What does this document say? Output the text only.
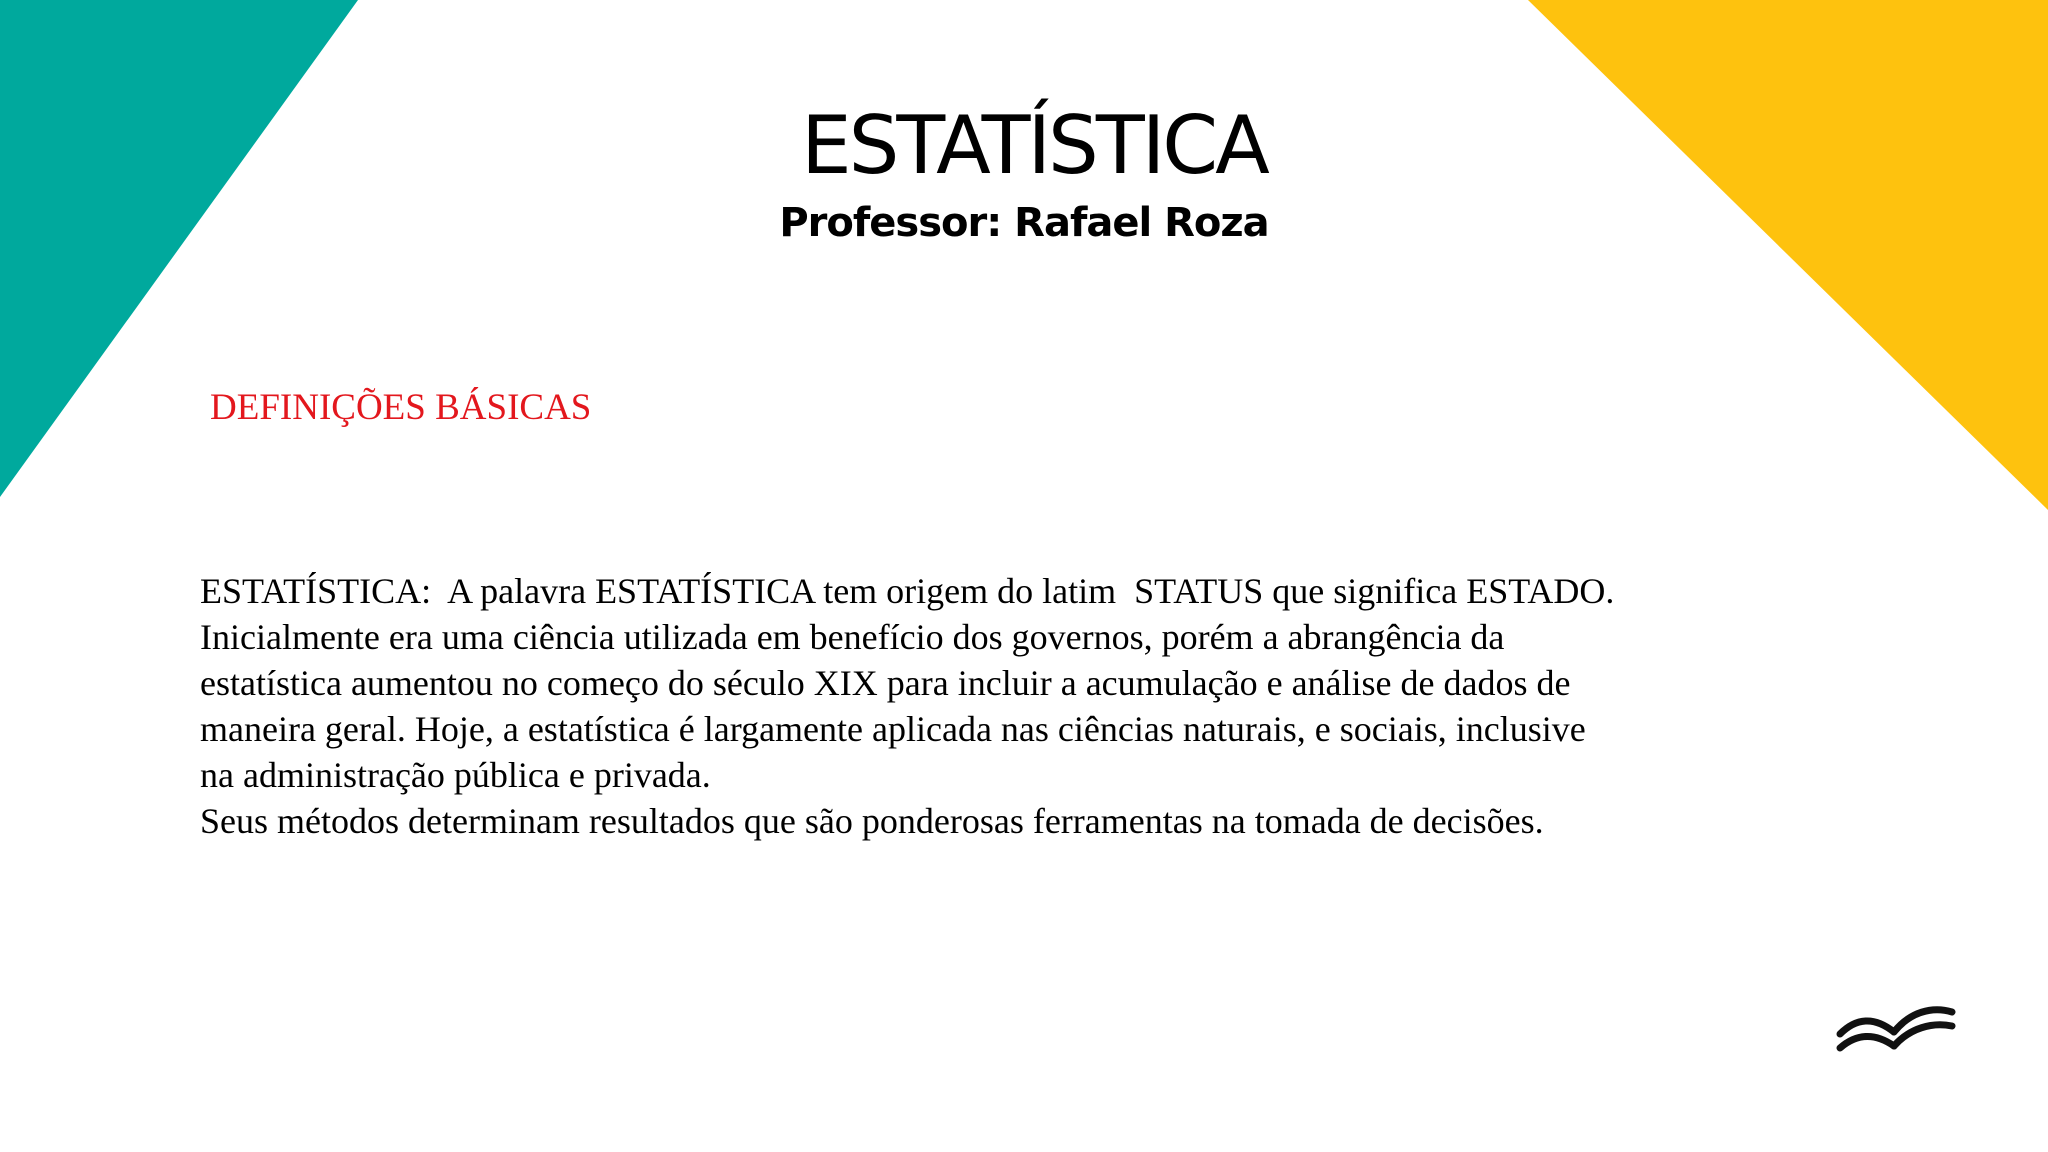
ESTATÍSTICA
Professor: Rafael Roza
DEFINIÇÕES BÁSICAS

ESTATÍSTICA:  A palavra ESTATÍSTICA tem origem do latim  STATUS que significa ESTADO.
Inicialmente era uma ciência utilizada em benefício dos governos, porém a abrangência da
estatística aumentou no começo do século XIX para incluir a acumulação e análise de dados de
maneira geral. Hoje, a estatística é largamente aplicada nas ciências naturais, e sociais, inclusive
na administração pública e privada.
Seus métodos determinam resultados que são ponderosas ferramentas na tomada de decisões.
